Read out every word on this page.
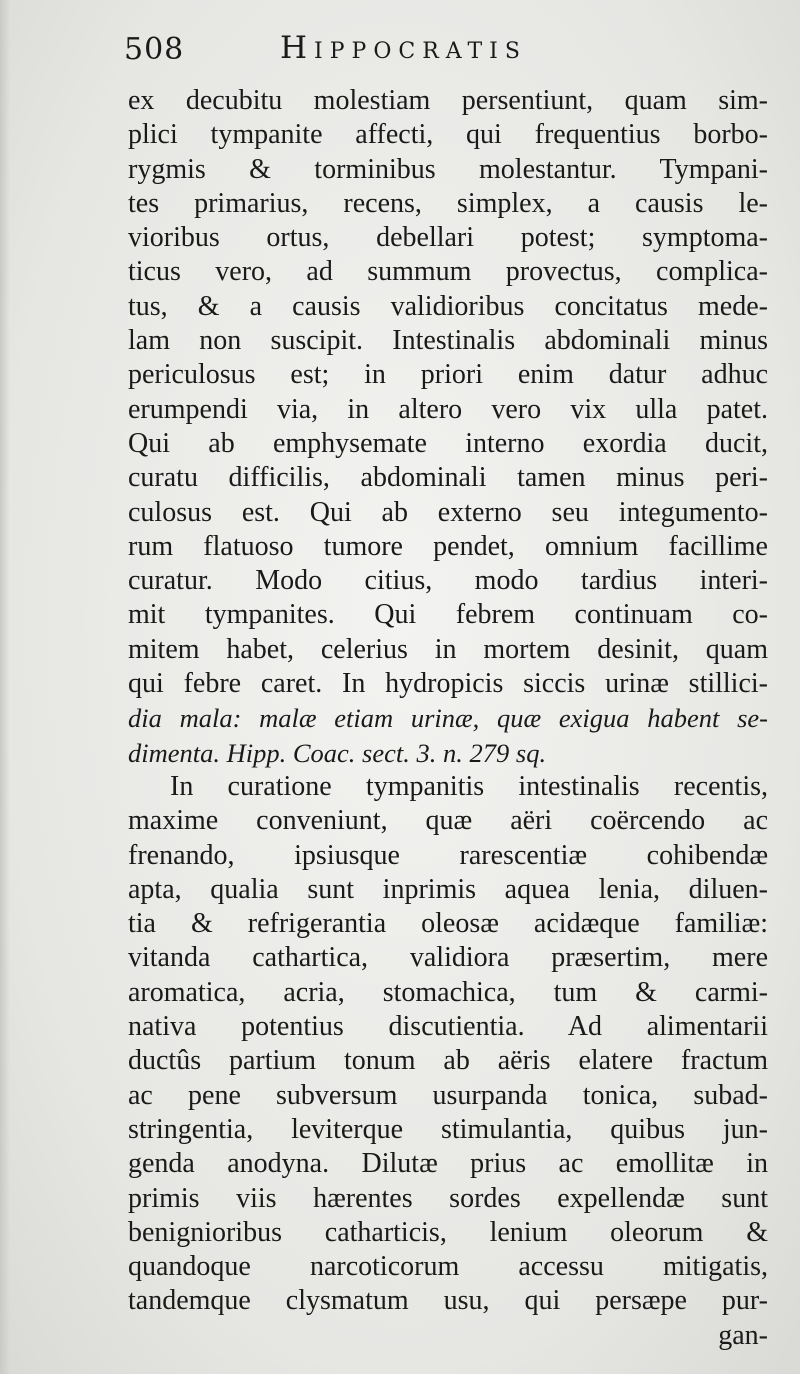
508	Hippocratis
ex decubitu molestiam persentiunt, quam sim-
plici tympanite affecti, qui frequentius borbo-
rygmis & torminibus molestantur. Tympani-
tes primarius, recens, simplex, a causis le-
vioribus ortus, debellari potest; symptoma-
ticus vero, ad summum provectus, complica-
tus, & a causis validioribus concitatus mede-
lam non suscipit. Intestinalis abdominali minus
periculosus est; in priori enim datur adhuc
erumpendi via, in altero vero vix ulla patet.
Qui ab emphysemate interno exordia ducit,
curatu difficilis, abdominali tamen minus peri-
culosus est. Qui ab externo seu integumento-
rum flatuoso tumore pendet, omnium facillime
curatur. Modo citius, modo tardius interi-
mit tympanites. Qui febrem continuam co-
mitem habet, celerius in mortem desinit, quam
qui febre caret. In hydropicis siccis urinæ stillici-
dia mala: malæ etiam urinæ, quæ exigua habent se-
dimenta. Hipp. Coac. sect. 3. n. 279 sq.
In curatione tympanitis intestinalis recentis,
maxime conveniunt, quæ aëri coërcendo ac
frenando, ipsiusque rarescentiæ cohibendæ
apta, qualia sunt inprimis aquea lenia, diluen-
tia & refrigerantia oleosæ acidæque familiæ:
vitanda cathartica, validiora præsertim, mere
aromatica, acria, stomachica, tum & carmi-
nativa potentius discutientia. Ad alimentarii
ductûs partium tonum ab aëris elatere fractum
ac pene subversum usurpanda tonica, subad-
stringentia, leviterque stimulantia, quibus jun-
genda anodyna. Dilutæ prius ac emollitæ in
primis viis hærentes sordes expellendæ sunt
benignioribus catharticis, lenium oleorum &
quandoque narcoticorum accessu mitigatis,
tandemque clysmatum usu, qui persæpe pur-
gan-
